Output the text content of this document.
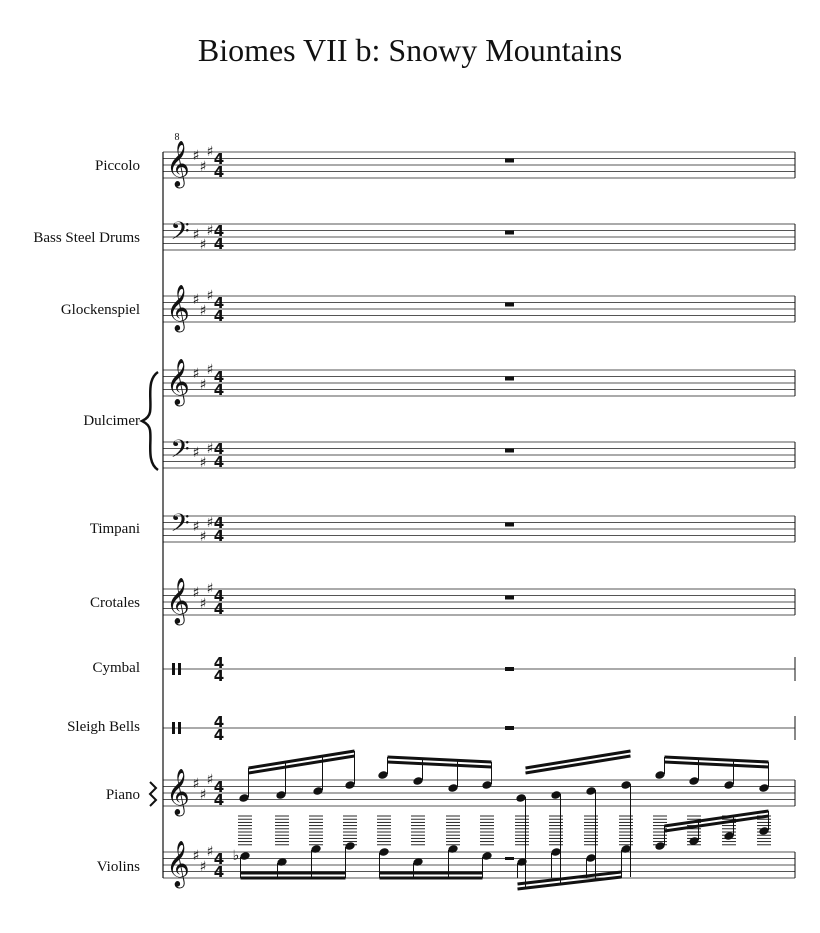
Biomes VII b: Snowy Mountains
Piccolo
Bass Steel Drums
Glockenspiel
Dulcimer
Timpani
Crotales
Cymbal
Sleigh Bells
Piano
Violins
𝄞 ♯
♯
♯ 4
4
𝄢 ♯
♯
♯ 4
4
𝄞 ♯
♯
♯ 4
4
𝄞 ♯
♯
♯ 4
4
𝄢 ♯
♯
♯ 4
4
𝄢 ♯
♯
♯ 4
4
𝄞 ♯
♯
♯ 4
4
4
4
4
4
𝄞 ♯
♯
♯ 4
4
𝄞 ♯
♯
♯ 4
4
8
♭
